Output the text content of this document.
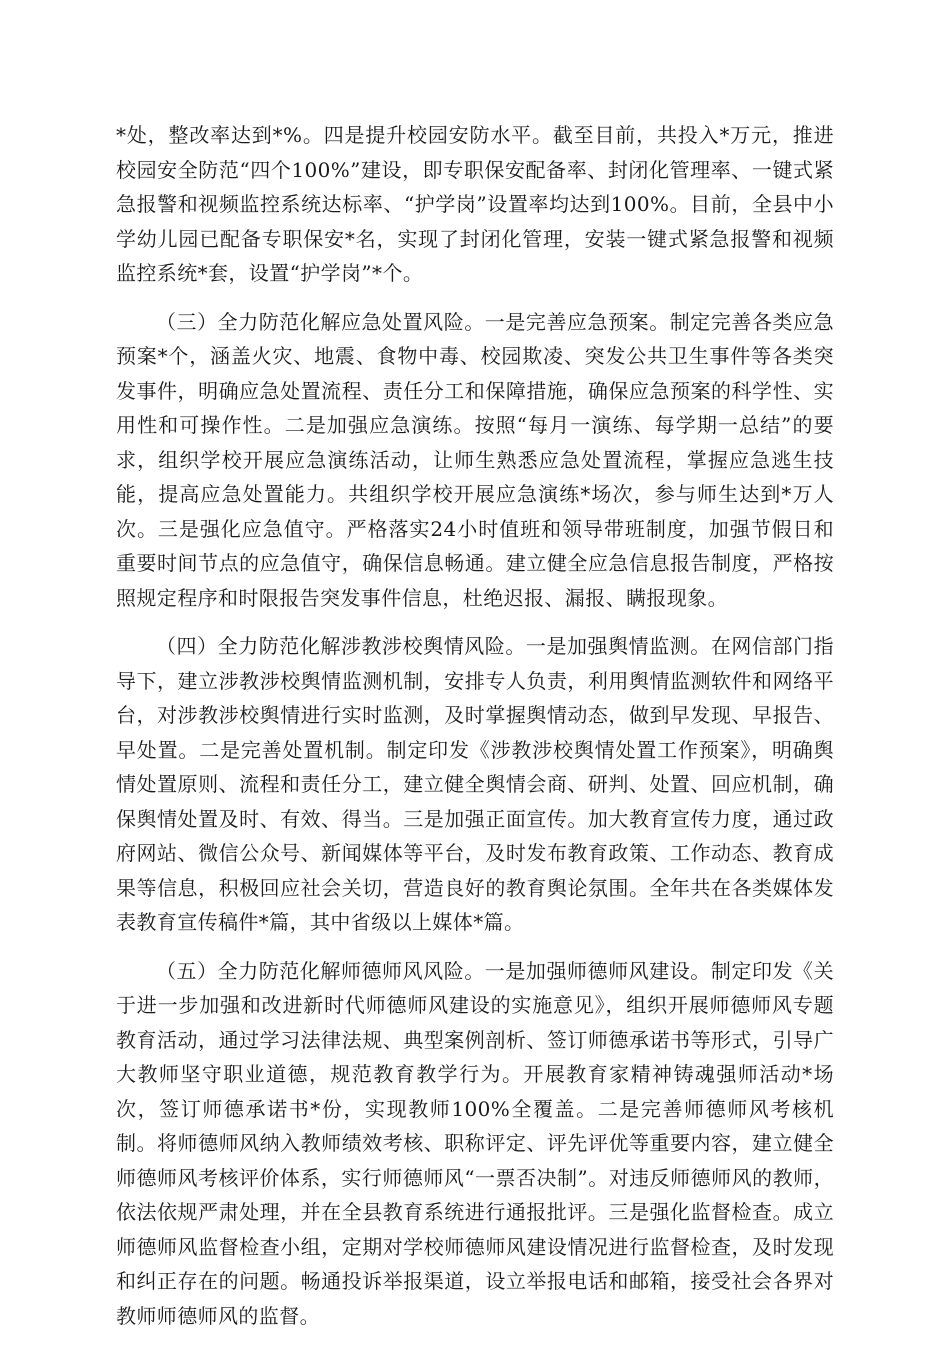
*处，整改率达到*%。四是提升校园安防水平。截至目前，共投入*万元，推进校园安全防范“四个100%”建设，即专职保安配备率、封闭化管理率、一键式紧急报警和视频监控系统达标率、“护学岗”设置率均达到100%。目前，全县中小学幼儿园已配备专职保安*名，实现了封闭化管理，安装一键式紧急报警和视频监控系统*套，设置“护学岗”*个。

（三）全力防范化解应急处置风险。一是完善应急预案。制定完善各类应急预案*个，涵盖火灾、地震、食物中毒、校园欺凌、突发公共卫生事件等各类突发事件，明确应急处置流程、责任分工和保障措施，确保应急预案的科学性、实用性和可操作性。二是加强应急演练。按照“每月一演练、每学期一总结”的要求，组织学校开展应急演练活动，让师生熟悉应急处置流程，掌握应急逃生技能，提高应急处置能力。共组织学校开展应急演练*场次，参与师生达到*万人次。三是强化应急值守。严格落实24小时值班和领导带班制度，加强节假日和重要时间节点的应急值守，确保信息畅通。建立健全应急信息报告制度，严格按照规定程序和时限报告突发事件信息，杜绝迟报、漏报、瞒报现象。

（四）全力防范化解涉教涉校舆情风险。一是加强舆情监测。在网信部门指导下，建立涉教涉校舆情监测机制，安排专人负责，利用舆情监测软件和网络平台，对涉教涉校舆情进行实时监测，及时掌握舆情动态，做到早发现、早报告、早处置。二是完善处置机制。制定印发《涉教涉校舆情处置工作预案》，明确舆情处置原则、流程和责任分工，建立健全舆情会商、研判、处置、回应机制，确保舆情处置及时、有效、得当。三是加强正面宣传。加大教育宣传力度，通过政府网站、微信公众号、新闻媒体等平台，及时发布教育政策、工作动态、教育成果等信息，积极回应社会关切，营造良好的教育舆论氛围。全年共在各类媒体发表教育宣传稿件*篇，其中省级以上媒体*篇。

（五）全力防范化解师德师风风险。一是加强师德师风建设。制定印发《关于进一步加强和改进新时代师德师风建设的实施意见》，组织开展师德师风专题教育活动，通过学习法律法规、典型案例剖析、签订师德承诺书等形式，引导广大教师坚守职业道德，规范教育教学行为。开展教育家精神铸魂强师活动*场次，签订师德承诺书*份，实现教师100%全覆盖。二是完善师德师风考核机制。将师德师风纳入教师绩效考核、职称评定、评先评优等重要内容，建立健全师德师风考核评价体系，实行师德师风“一票否决制”。对违反师德师风的教师，依法依规严肃处理，并在全县教育系统进行通报批评。三是强化监督检查。成立师德师风监督检查小组，定期对学校师德师风建设情况进行监督检查，及时发现和纠正存在的问题。畅通投诉举报渠道，设立举报电话和邮箱，接受社会各界对教师师德师风的监督。
